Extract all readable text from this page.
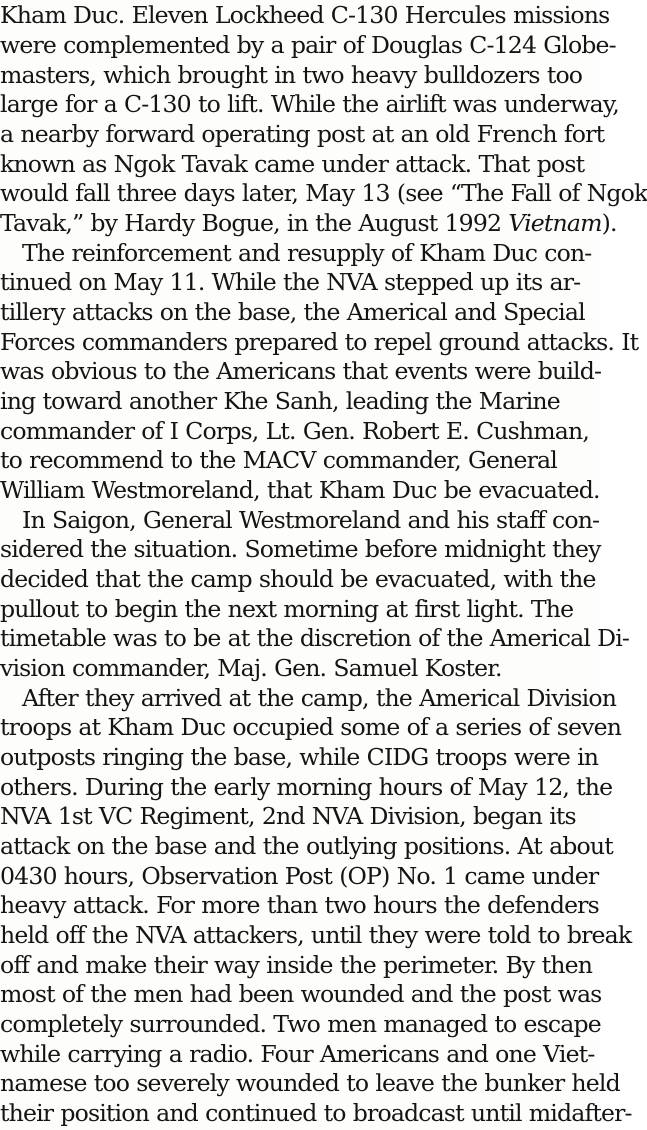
Kham Duc. Eleven Lockheed C-130 Hercules missions
were complemented by a pair of Douglas C-124 Globe-
masters, which brought in two heavy bulldozers too
large for a C-130 to lift. While the airlift was underway,
a nearby forward operating post at an old French fort
known as Ngok Tavak came under attack. That post
would fall three days later, May 13 (see “The Fall of Ngok
Tavak,” by Hardy Bogue, in the August 1992 Vietnam).
The reinforcement and resupply of Kham Duc con-
tinued on May 11. While the NVA stepped up its ar-
tillery attacks on the base, the Americal and Special
Forces commanders prepared to repel ground attacks. It
was obvious to the Americans that events were build-
ing toward another Khe Sanh, leading the Marine
commander of I Corps, Lt. Gen. Robert E. Cushman,
to recommend to the MACV commander, General
William Westmoreland, that Kham Duc be evacuated.
In Saigon, General Westmoreland and his staff con-
sidered the situation. Sometime before midnight they
decided that the camp should be evacuated, with the
pullout to begin the next morning at first light. The
timetable was to be at the discretion of the Americal Di-
vision commander, Maj. Gen. Samuel Koster.
After they arrived at the camp, the Americal Division
troops at Kham Duc occupied some of a series of seven
outposts ringing the base, while CIDG troops were in
others. During the early morning hours of May 12, the
NVA 1st VC Regiment, 2nd NVA Division, began its
attack on the base and the outlying positions. At about
0430 hours, Observation Post (OP) No. 1 came under
heavy attack. For more than two hours the defenders
held off the NVA attackers, until they were told to break
off and make their way inside the perimeter. By then
most of the men had been wounded and the post was
completely surrounded. Two men managed to escape
while carrying a radio. Four Americans and one Viet-
namese too severely wounded to leave the bunker held
their position and continued to broadcast until midafter-
